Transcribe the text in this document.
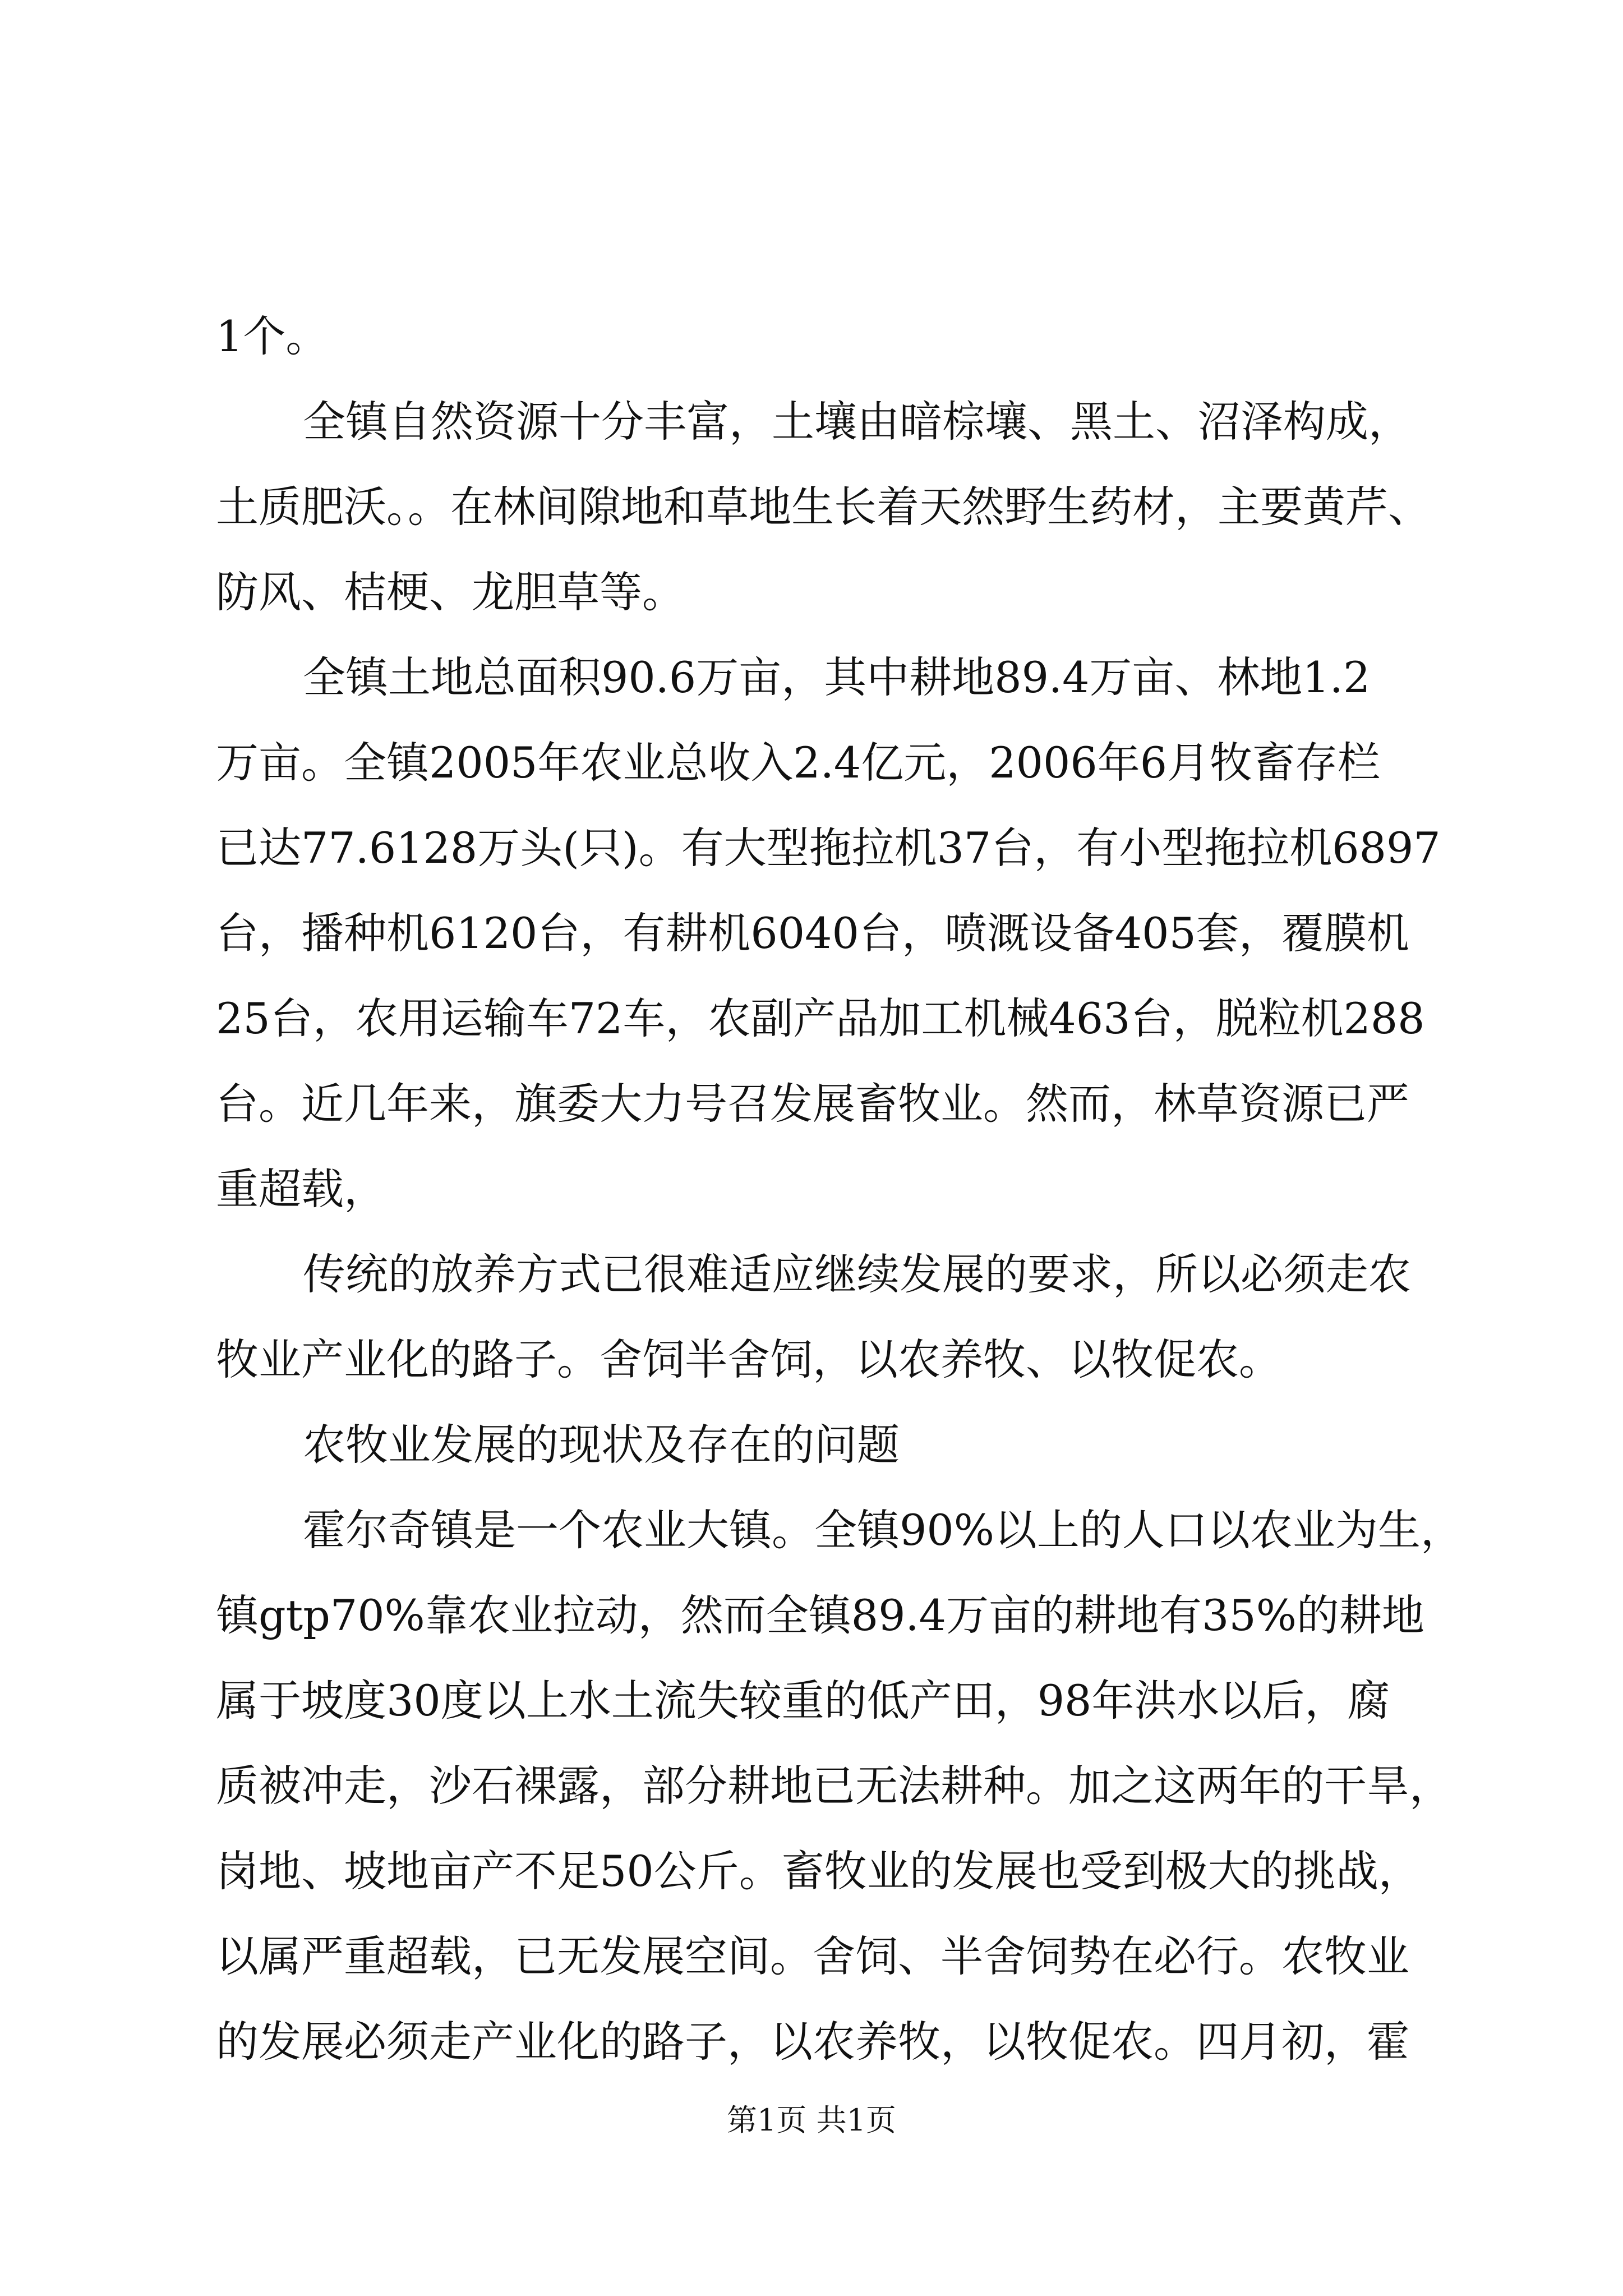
1个。
全镇自然资源十分丰富，土壤由暗棕壤、黑土、沼泽构成，
土质肥沃。。在林间隙地和草地生长着天然野生药材，主要黄芹、
防风、桔梗、龙胆草等。
全镇土地总面积90.6万亩，其中耕地89.4万亩、林地1.2
万亩。全镇2005年农业总收入2.4亿元，2006年6月牧畜存栏
已达77.6128万头(只)。有大型拖拉机37台，有小型拖拉机6897
台，播种机6120台，有耕机6040台，喷溉设备405套，覆膜机
25台，农用运输车72车，农副产品加工机械463台，脱粒机288
台。近几年来，旗委大力号召发展畜牧业。然而，林草资源已严
重超载，
传统的放养方式已很难适应继续发展的要求，所以必须走农
牧业产业化的路子。舍饲半舍饲，以农养牧、以牧促农。
农牧业发展的现状及存在的问题
霍尔奇镇是一个农业大镇。全镇90%以上的人口以农业为生，
镇gtp70%靠农业拉动，然而全镇89.4万亩的耕地有35%的耕地
属于坡度30度以上水土流失较重的低产田，98年洪水以后，腐
质被冲走，沙石裸露，部分耕地已无法耕种。加之这两年的干旱，
岗地、坡地亩产不足50公斤。畜牧业的发展也受到极大的挑战，
以属严重超载，已无发展空间。舍饲、半舍饲势在必行。农牧业
的发展必须走产业化的路子，以农养牧，以牧促农。四月初，霍
第1页 共1页
